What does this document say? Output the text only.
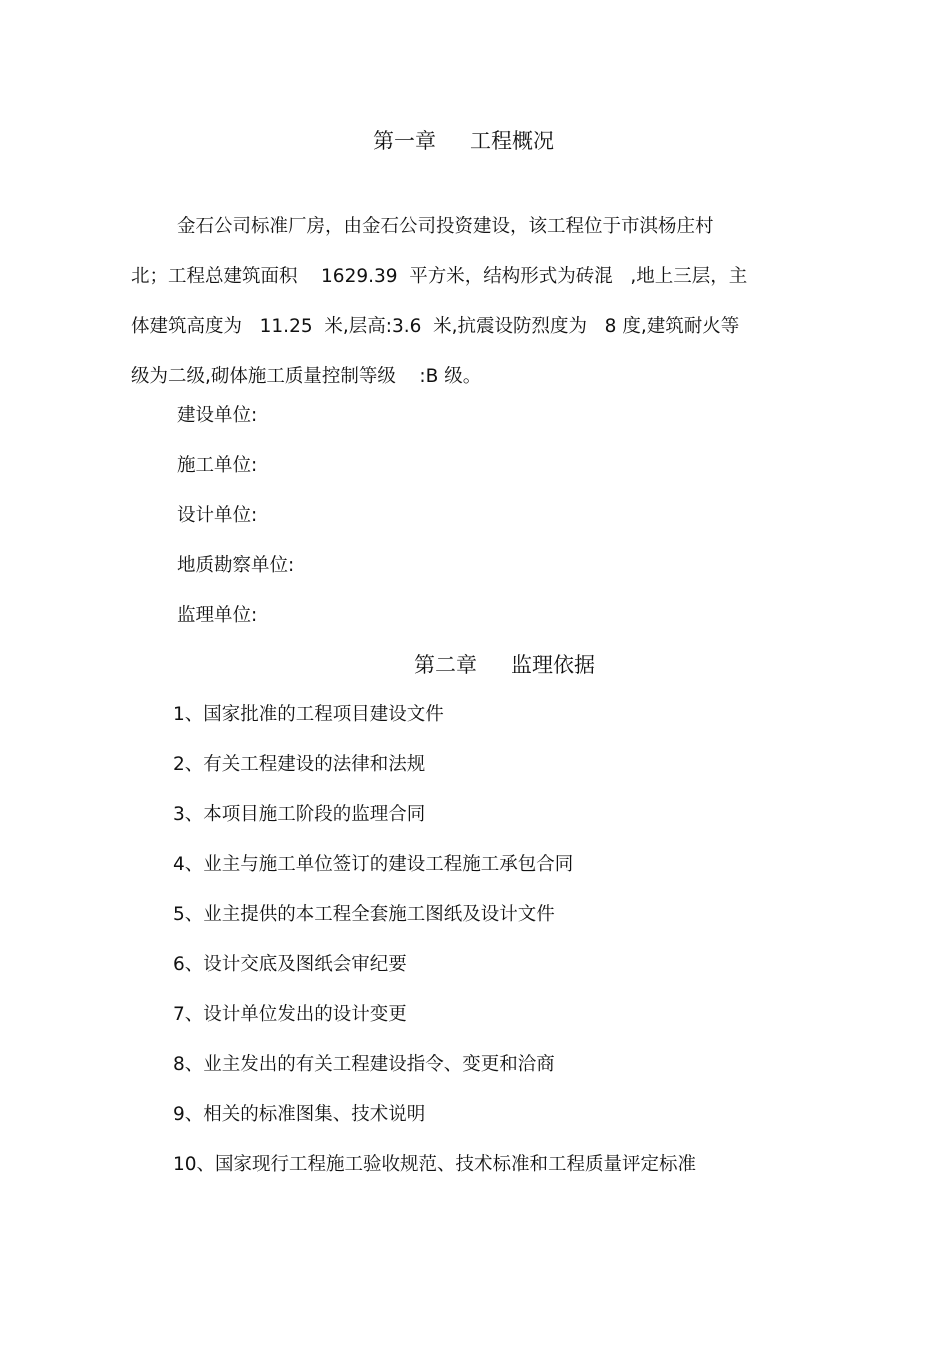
第一章 工程概况
金石公司标准厂房，由金石公司投资建设，该工程位于市淇杨庄村
北；工程总建筑面积    1629.39  平方米，结构形式为砖混   ,地上三层，主
体建筑高度为   11.25  米,层高:3.6  米,抗震设防烈度为   8 度,建筑耐火等
级为二级,砌体施工质量控制等级    :B 级。
建设单位:
施工单位:
设计单位:
地质勘察单位:
监理单位:
第二章 监理依据
1、国家批准的工程项目建设文件
2、有关工程建设的法律和法规
3、本项目施工阶段的监理合同
4、业主与施工单位签订的建设工程施工承包合同
5、业主提供的本工程全套施工图纸及设计文件
6、设计交底及图纸会审纪要
7、设计单位发出的设计变更
8、业主发出的有关工程建设指令、变更和洽商
9、相关的标准图集、技术说明
10、国家现行工程施工验收规范、技术标准和工程质量评定标准
